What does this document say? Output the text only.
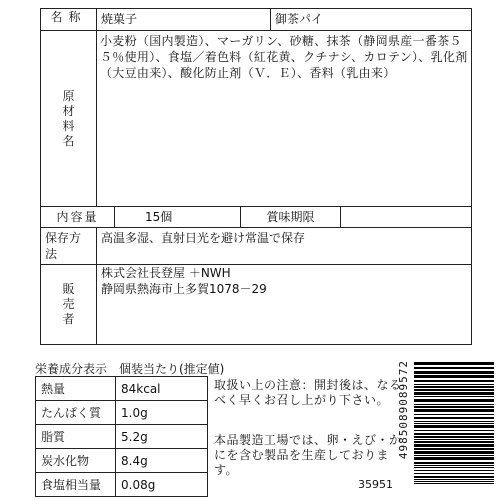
名称	焼菓子			御茶パイ	
原材料名	小麦粉（国内製造）、マーガリン、砂糖、抹茶（静岡県産一番茶５５％使用）、食塩／着色料（紅花黄、クチナシ、カロテン）、乳化剤（大豆由来）、酸化防止剤（Ｖ．Ｅ）、香料（乳由来）				
内容量		15個	賞味期限		
保存方法	高温多湿、直射日光を避け常温で保存				
販売者	株式会社長登屋 ＋NWH
静岡県熱海市上多賀1078－29				
栄養成分表示　個装当たり(推定値)
熱量	84kcal
たんぱく質	1.0g
脂質	5.2g
炭水化物	8.4g
食塩相当量	0.08g
取扱い上の注意：開封後は、なるべく早くお召し上がり下さい。
本品製造工場では、卵・えび・かにを含む製品を生産しております。
35951
4985089089572
